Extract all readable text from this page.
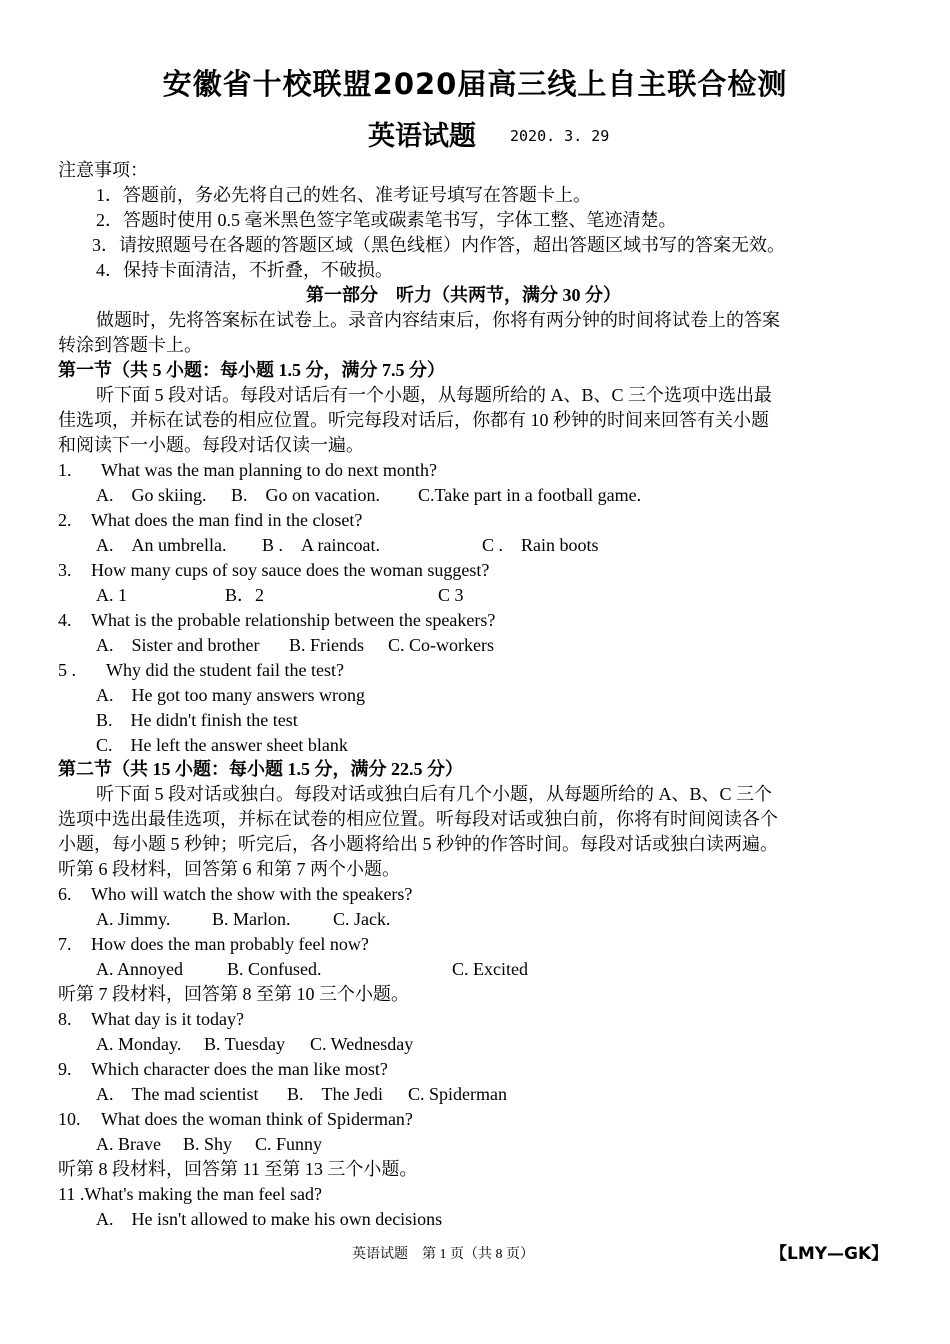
安徽省十校联盟2020届高三线上自主联合检测
英语试题 2020. 3. 29
注意事项：
1．答题前，务必先将自己的姓名、准考证号填写在答题卡上。
2．答题时使用 0.5 毫米黑色签字笔或碳素笔书写，字体工整、笔迹清楚。
3．请按照题号在各题的答题区域（黑色线框）内作答，超出答题区域书写的答案无效。
4．保持卡面清洁，不折叠，不破损。
第一部分　听力（共两节，满分 30 分）
做题时，先将答案标在试卷上。录音内容结束后，你将有两分钟的时间将试卷上的答案
转涂到答题卡上。
第一节（共 5 小题：每小题 1.5 分，满分 7.5 分）
听下面 5 段对话。每段对话后有一个小题，从每题所给的 A、B、C 三个选项中选出最
佳选项，并标在试卷的相应位置。听完每段对话后，你都有 10 秒钟的时间来回答有关小题
和阅读下一小题。每段对话仅读一遍。
1. What was the man planning to do next month?
A.　Go skiing. B.　Go on vacation. C.Take part in a football game.
2. What does the man find in the closet?
A.　An umbrella. B .　A raincoat.	C .　Rain boots
3. How many cups of soy sauce does the woman suggest?
A. 1	B．2	C 3
4. What is the probable relationship between the speakers?
A.　Sister and brother B. Friends C. Co-workers
5 . Why did the student fail the test?
A.　He got too many answers wrong
B.　He didn't finish the test
C.　He left the answer sheet blank
第二节（共 15 小题：每小题 1.5 分，满分 22.5 分）
听下面 5 段对话或独白。每段对话或独白后有几个小题，从每题所给的 A、B、C 三个
选项中选出最佳选项，并标在试卷的相应位置。听每段对话或独白前，你将有时间阅读各个
小题，每小题 5 秒钟；听完后，各小题将给出 5 秒钟的作答时间。每段对话或独白读两遍。
听第 6 段材料，回答第 6 和第 7 两个小题。
6. Who will watch the show with the speakers?
A. Jimmy. B. Marlon. C. Jack.
7. How does the man probably feel now?
A. Annoyed B. Confused.	C. Excited
听第 7 段材料，回答第 8 至第 10 三个小题。
8. What day is it today?
A. Monday. B. Tuesday C. Wednesday
9. Which character does the man like most?
A.　The mad scientist B.　The Jedi C. Spiderman
10. What does the woman think of Spiderman?
A. Brave B. Shy C. Funny
听第 8 段材料，回答第 11 至第 13 三个小题。
11 .What's making the man feel sad?
A.　He isn't allowed to make his own decisions
英语试题　第 1 页（共 8 页）	【LMY—GK】
